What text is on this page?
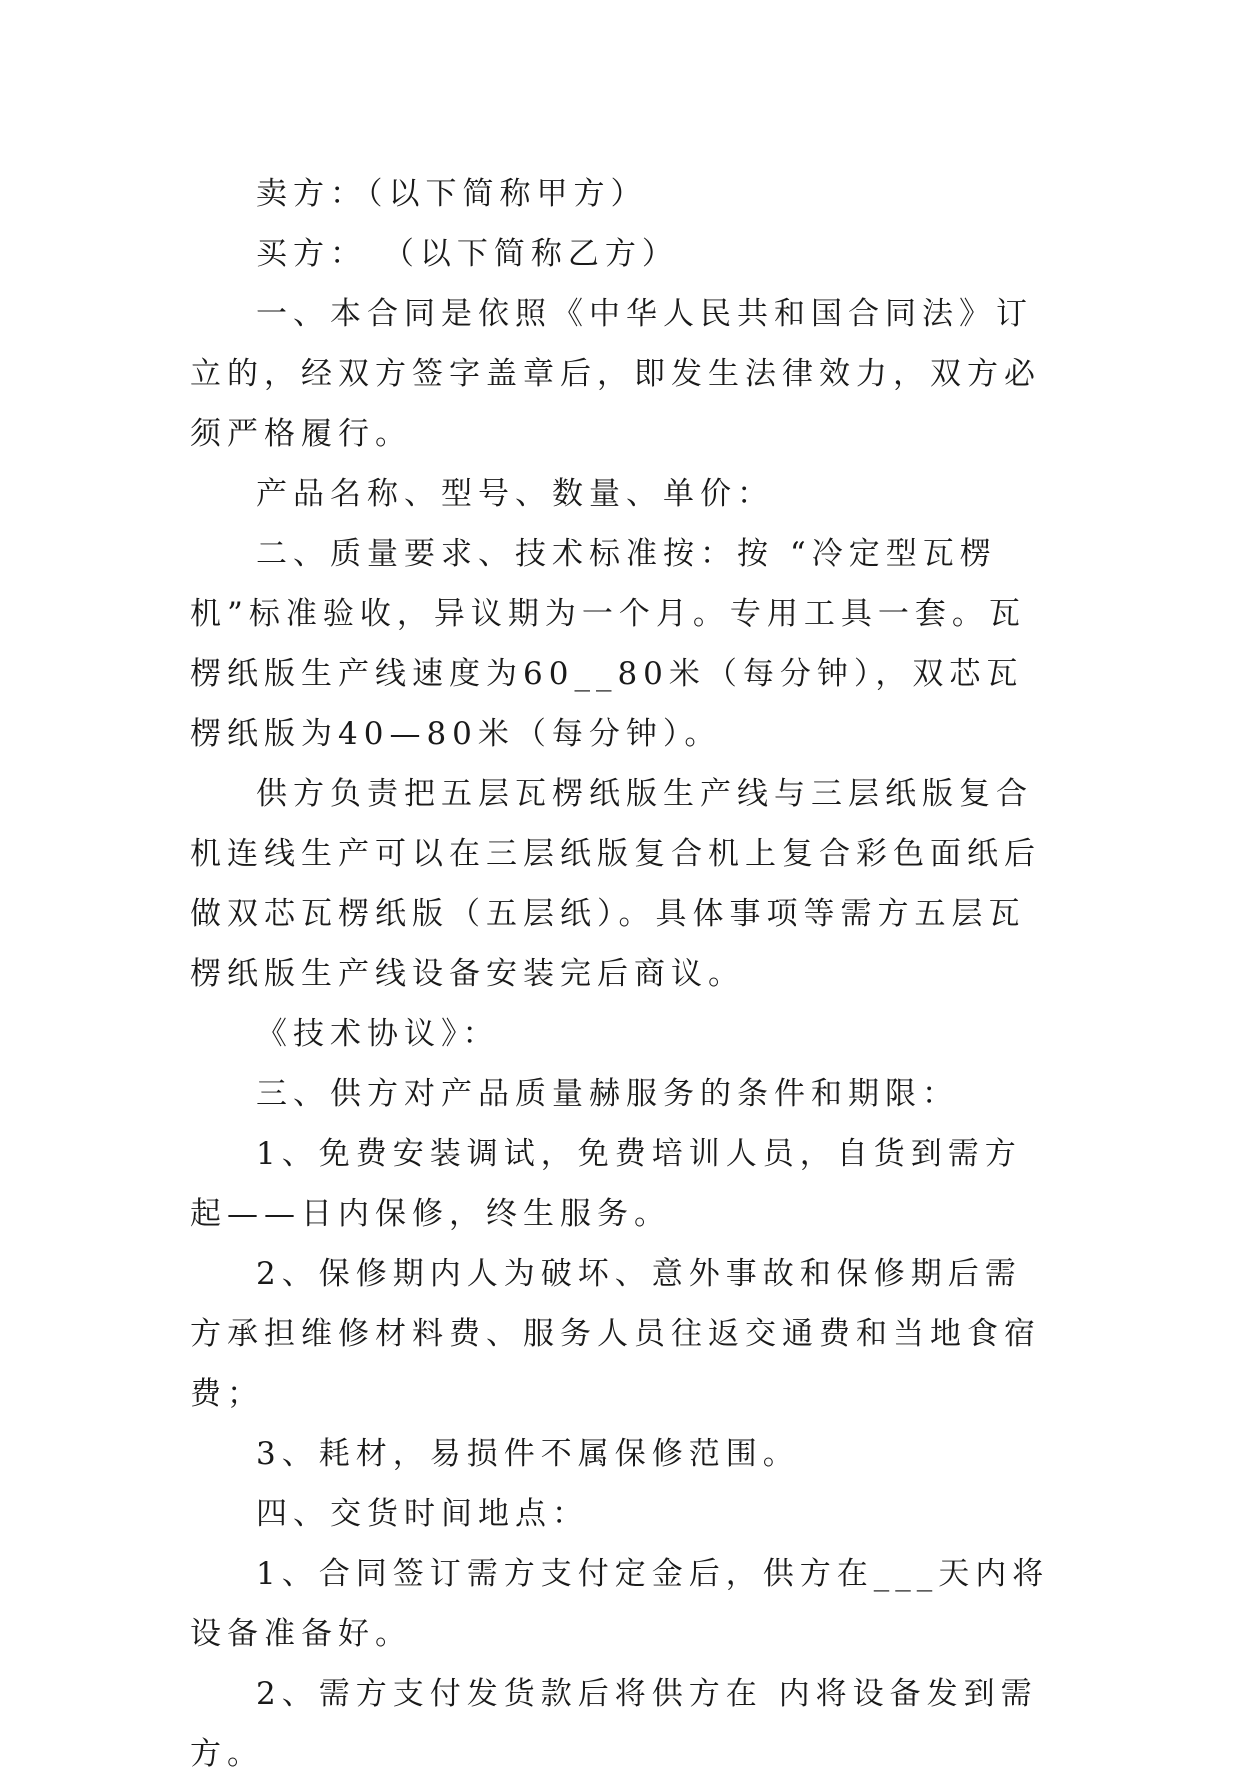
卖方：（以下简称甲方）

买方： （以下简称乙方）

一、本合同是依照《中华人民共和国合同法》订立的，经双方签字盖章后，即发生法律效力，双方必须严格履行。

产品名称、型号、数量、单价：

二、质量要求、技术标准按：按 “冷定型瓦楞机”标准验收，异议期为一个月。专用工具一套。瓦楞纸版生产线速度为60__80米（每分钟），双芯瓦楞纸版为40—80米（每分钟）。

供方负责把五层瓦楞纸版生产线与三层纸版复合机连线生产可以在三层纸版复合机上复合彩色面纸后做双芯瓦楞纸版（五层纸）。具体事项等需方五层瓦楞纸版生产线设备安装完后商议。

《技术协议》：

三、供方对产品质量赫服务的条件和期限：

1、免费安装调试，免费培训人员，自货到需方起——日内保修，终生服务。

2、保修期内人为破坏、意外事故和保修期后需方承担维修材料费、服务人员往返交通费和当地食宿费；

3、耗材，易损件不属保修范围。

四、交货时间地点：

1、合同签订需方支付定金后，供方在___天内将设备准备好。

2、需方支付发货款后将供方在 内将设备发到需方。
